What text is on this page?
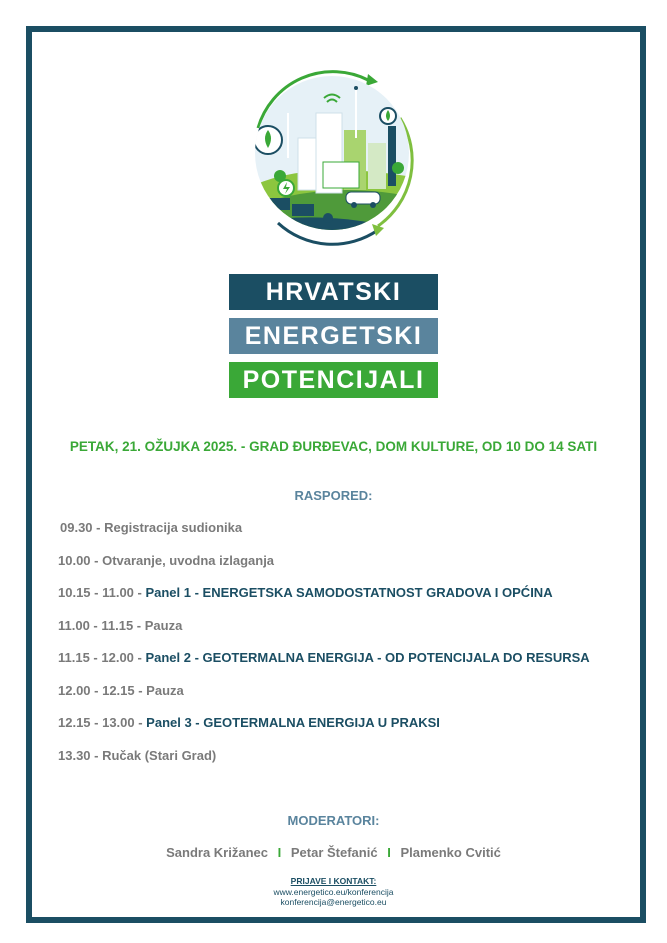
HRVATSKI
ENERGETSKI
POTENCIJALI
PETAK, 21. OŽUJKA 2025. - GRAD ĐURĐEVAC, DOM KULTURE, OD 10 DO 14 SATI
RASPORED:
09.30 - Registracija sudionika
10.00 - Otvaranje, uvodna izlaganja
10.15 - 11.00 - Panel 1 - ENERGETSKA SAMODOSTATNOST GRADOVA I OPĆINA
11.00 - 11.15 - Pauza
11.15 - 12.00 - Panel 2 - GEOTERMALNA ENERGIJA - OD POTENCIJALA DO RESURSA
12.00 - 12.15 - Pauza
12.15 - 13.00 - Panel 3 - GEOTERMALNA ENERGIJA U PRAKSI
13.30 - Ručak (Stari Grad)
MODERATORI:
Sandra Križanec I Petar Štefanić I Plamenko Cvitić
PRIJAVE I KONTAKT:
www.energetico.eu/konferencija
konferencija@energetico.eu
